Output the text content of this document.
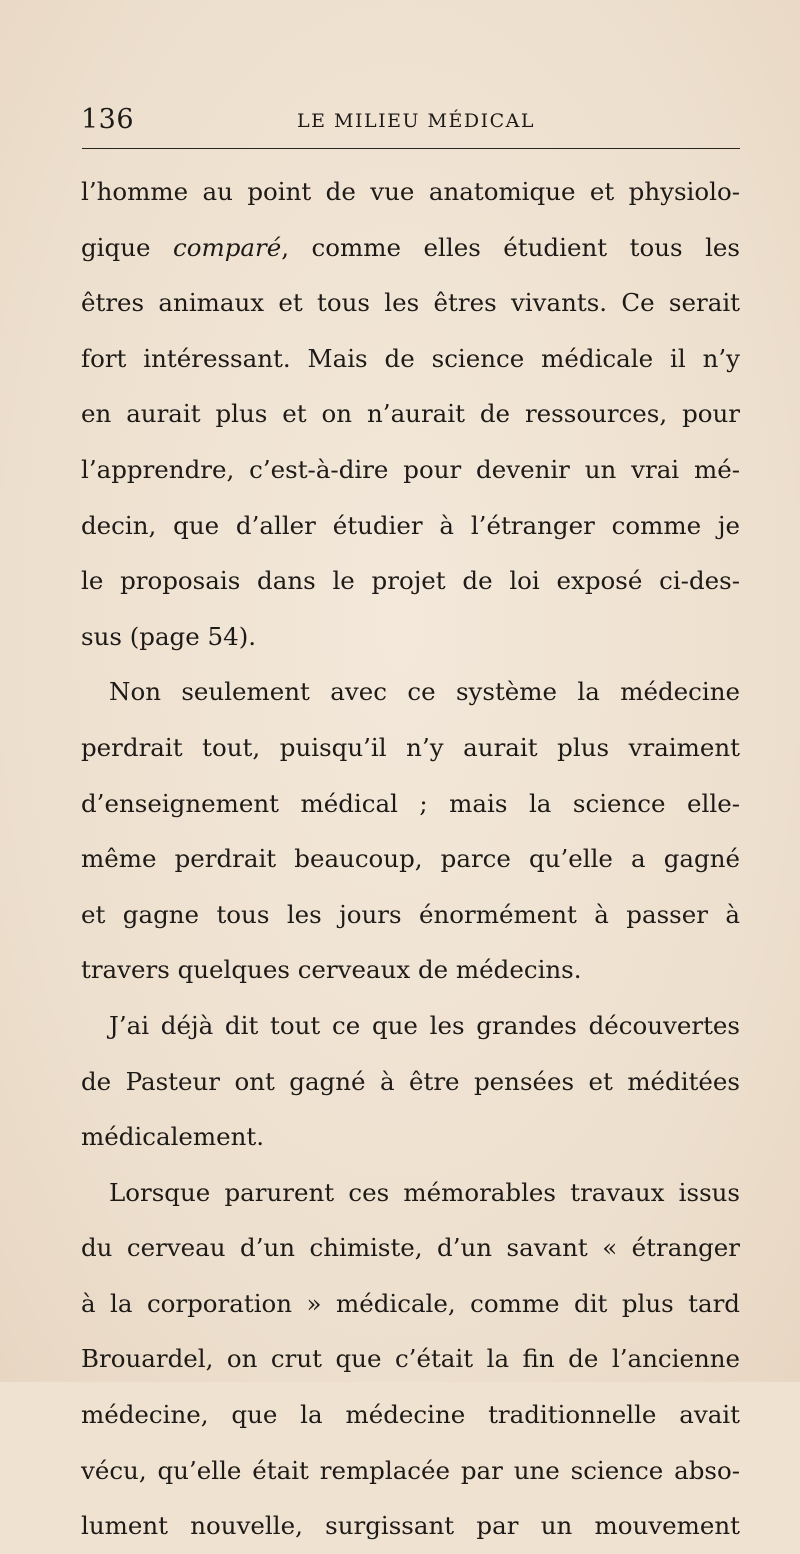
136	LE MILIEU MÉDICAL
l’homme au point de vue anatomique et physiolo-
gique comparé, comme elles étudient tous les
êtres animaux et tous les êtres vivants. Ce serait
fort intéressant. Mais de science médicale il n’y
en aurait plus et on n’aurait de ressources, pour
l’apprendre, c’est-à-dire pour devenir un vrai mé-
decin, que d’aller étudier à l’étranger comme je
le proposais dans le projet de loi exposé ci-des-
sus (page 54).
Non seulement avec ce système la médecine
perdrait tout, puisqu’il n’y aurait plus vraiment
d’enseignement médical ; mais la science elle-
même perdrait beaucoup, parce qu’elle a gagné
et gagne tous les jours énormément à passer à
travers quelques cerveaux de médecins.
J’ai déjà dit tout ce que les grandes découvertes
de Pasteur ont gagné à être pensées et méditées
médicalement.
Lorsque parurent ces mémorables travaux issus
du cerveau d’un chimiste, d’un savant « étranger
à la corporation » médicale, comme dit plus tard
Brouardel, on crut que c’était la fin de l’ancienne
médecine, que la médecine traditionnelle avait
vécu, qu’elle était remplacée par une science abso-
lument nouvelle, surgissant par un mouvement
